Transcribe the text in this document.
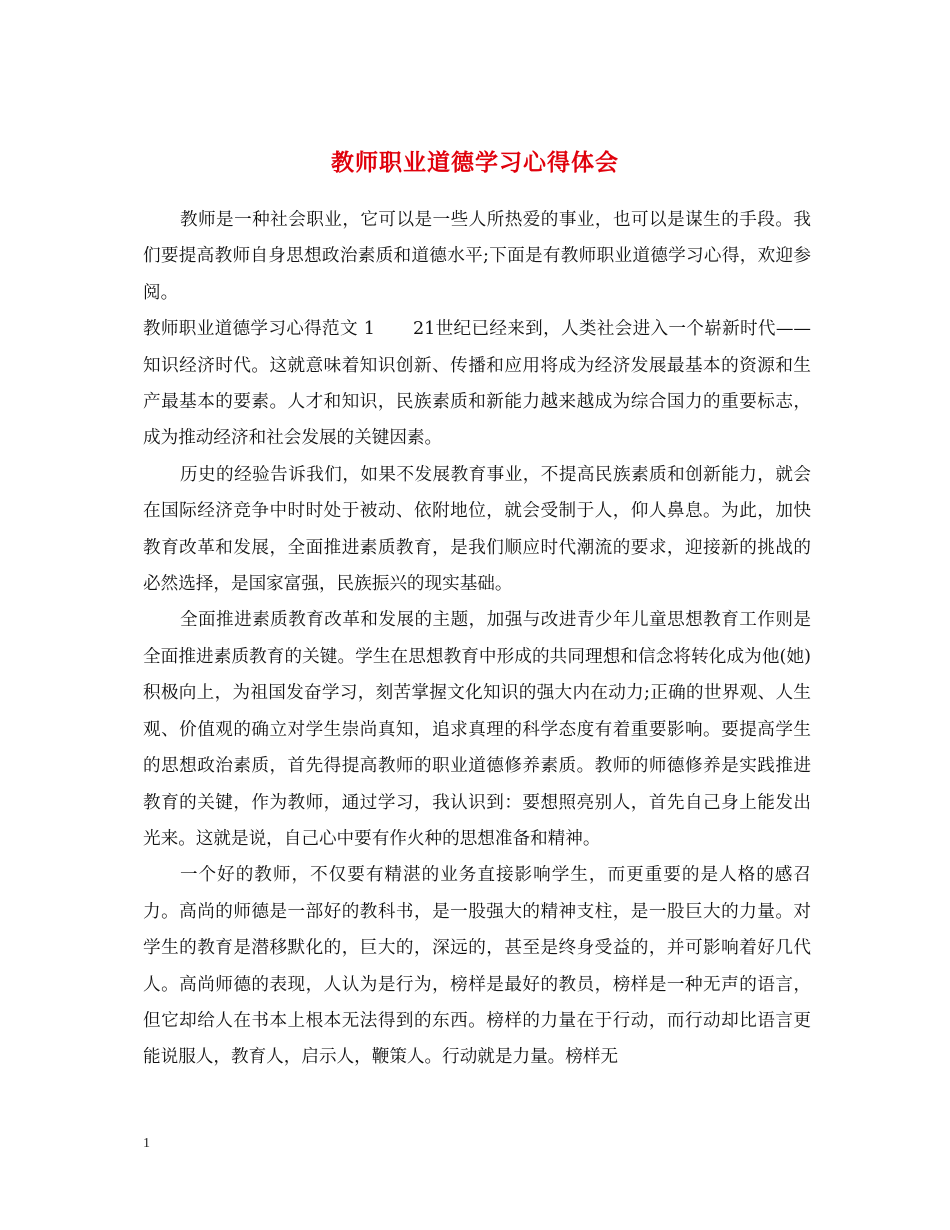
教师职业道德学习心得体会

教师是一种社会职业，它可以是一些人所热爱的事业，也可以是谋生的手段。我们要提高教师自身思想政治素质和道德水平;下面是有教师职业道德学习心得，欢迎参阅。

教师职业道德学习心得范文 1 21世纪已经来到，人类社会进入一个崭新时代——知识经济时代。这就意味着知识创新、传播和应用将成为经济发展最基本的资源和生产最基本的要素。人才和知识，民族素质和新能力越来越成为综合国力的重要标志，成为推动经济和社会发展的关键因素。

历史的经验告诉我们，如果不发展教育事业，不提高民族素质和创新能力，就会在国际经济竞争中时时处于被动、依附地位，就会受制于人，仰人鼻息。为此，加快教育改革和发展，全面推进素质教育，是我们顺应时代潮流的要求，迎接新的挑战的必然选择，是国家富强，民族振兴的现实基础。

全面推进素质教育改革和发展的主题，加强与改进青少年儿童思想教育工作则是全面推进素质教育的关键。学生在思想教育中形成的共同理想和信念将转化成为他(她)积极向上，为祖国发奋学习，刻苦掌握文化知识的强大内在动力;正确的世界观、人生观、价值观的确立对学生崇尚真知，追求真理的科学态度有着重要影响。要提高学生的思想政治素质，首先得提高教师的职业道德修养素质。教师的师德修养是实践推进教育的关键，作为教师，通过学习，我认识到：要想照亮别人，首先自己身上能发出光来。这就是说，自己心中要有作火种的思想准备和精神。

一个好的教师，不仅要有精湛的业务直接影响学生，而更重要的是人格的感召力。高尚的师德是一部好的教科书，是一股强大的精神支柱，是一股巨大的力量。对学生的教育是潜移默化的，巨大的，深远的，甚至是终身受益的，并可影响着好几代人。高尚师德的表现，人认为是行为，榜样是最好的教员，榜样是一种无声的语言，但它却给人在书本上根本无法得到的东西。榜样的力量在于行动，而行动却比语言更能说服人，教育人，启示人，鞭策人。行动就是力量。榜样无

1
